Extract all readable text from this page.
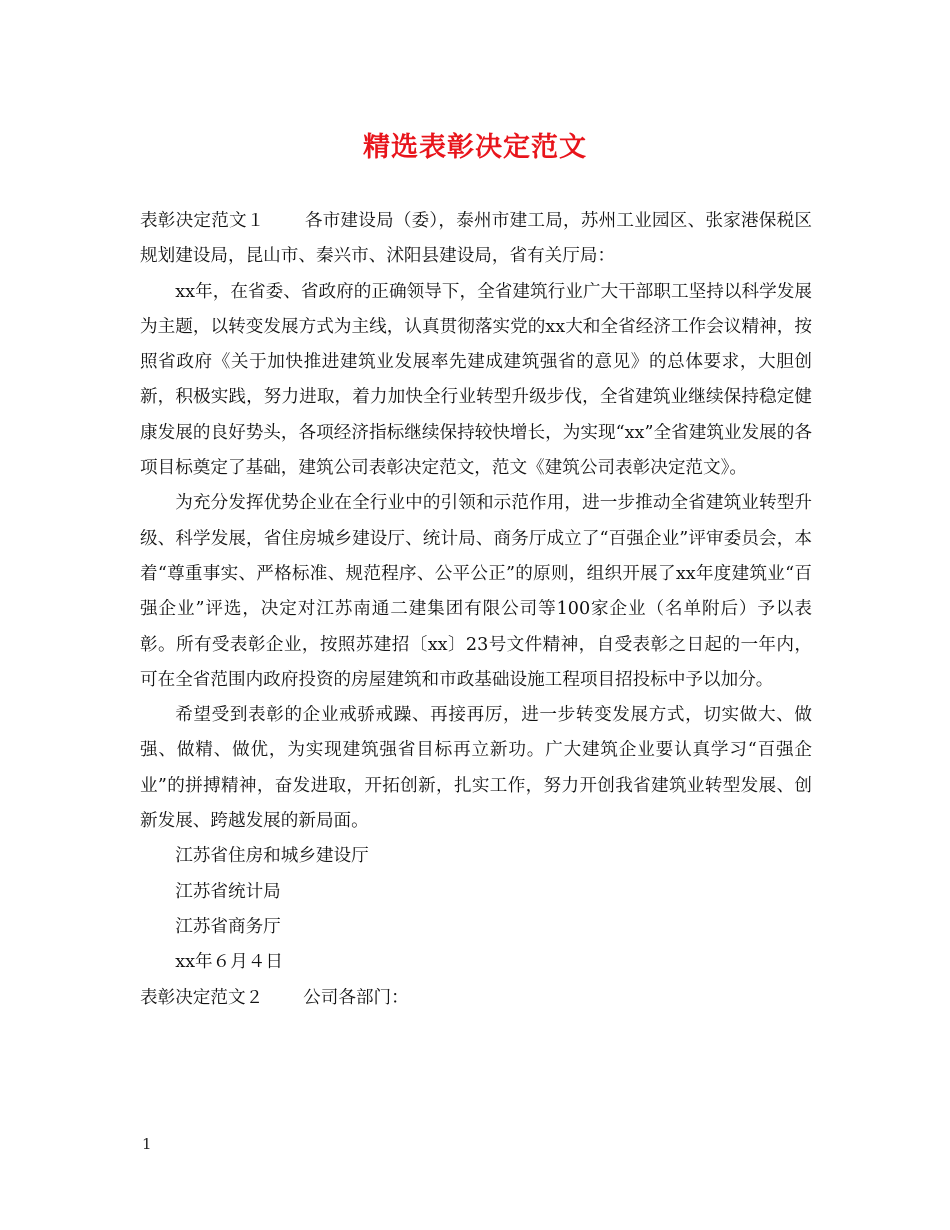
精选表彰决定范文

表彰决定范文１ 各市建设局（委），泰州市建工局，苏州工业园区、张家港保税区规划建设局，昆山市、秦兴市、沭阳县建设局，省有关厅局：

xx年，在省委、省政府的正确领导下，全省建筑行业广大干部职工坚持以科学发展为主题，以转变发展方式为主线，认真贯彻落实党的xx大和全省经济工作会议精神，按照省政府《关于加快推进建筑业发展率先建成建筑强省的意见》的总体要求，大胆创新，积极实践，努力进取，着力加快全行业转型升级步伐，全省建筑业继续保持稳定健康发展的良好势头，各项经济指标继续保持较快增长，为实现“xx”全省建筑业发展的各项目标奠定了基础，建筑公司表彰决定范文，范文《建筑公司表彰决定范文》。

为充分发挥优势企业在全行业中的引领和示范作用，进一步推动全省建筑业转型升级、科学发展，省住房城乡建设厅、统计局、商务厅成立了“百强企业”评审委员会，本着“尊重事实、严格标准、规范程序、公平公正”的原则，组织开展了xx年度建筑业“百强企业”评选，决定对江苏南通二建集团有限公司等100家企业（名单附后）予以表彰。所有受表彰企业，按照苏建招〔xx〕23号文件精神，自受表彰之日起的一年内，可在全省范围内政府投资的房屋建筑和市政基础设施工程项目招投标中予以加分。

希望受到表彰的企业戒骄戒躁、再接再厉，进一步转变发展方式，切实做大、做强、做精、做优，为实现建筑强省目标再立新功。广大建筑企业要认真学习“百强企业”的拼搏精神，奋发进取，开拓创新，扎实工作，努力开创我省建筑业转型发展、创新发展、跨越发展的新局面。

江苏省住房和城乡建设厅

江苏省统计局

江苏省商务厅

xx年６月４日

表彰决定范文２ 公司各部门：

1
